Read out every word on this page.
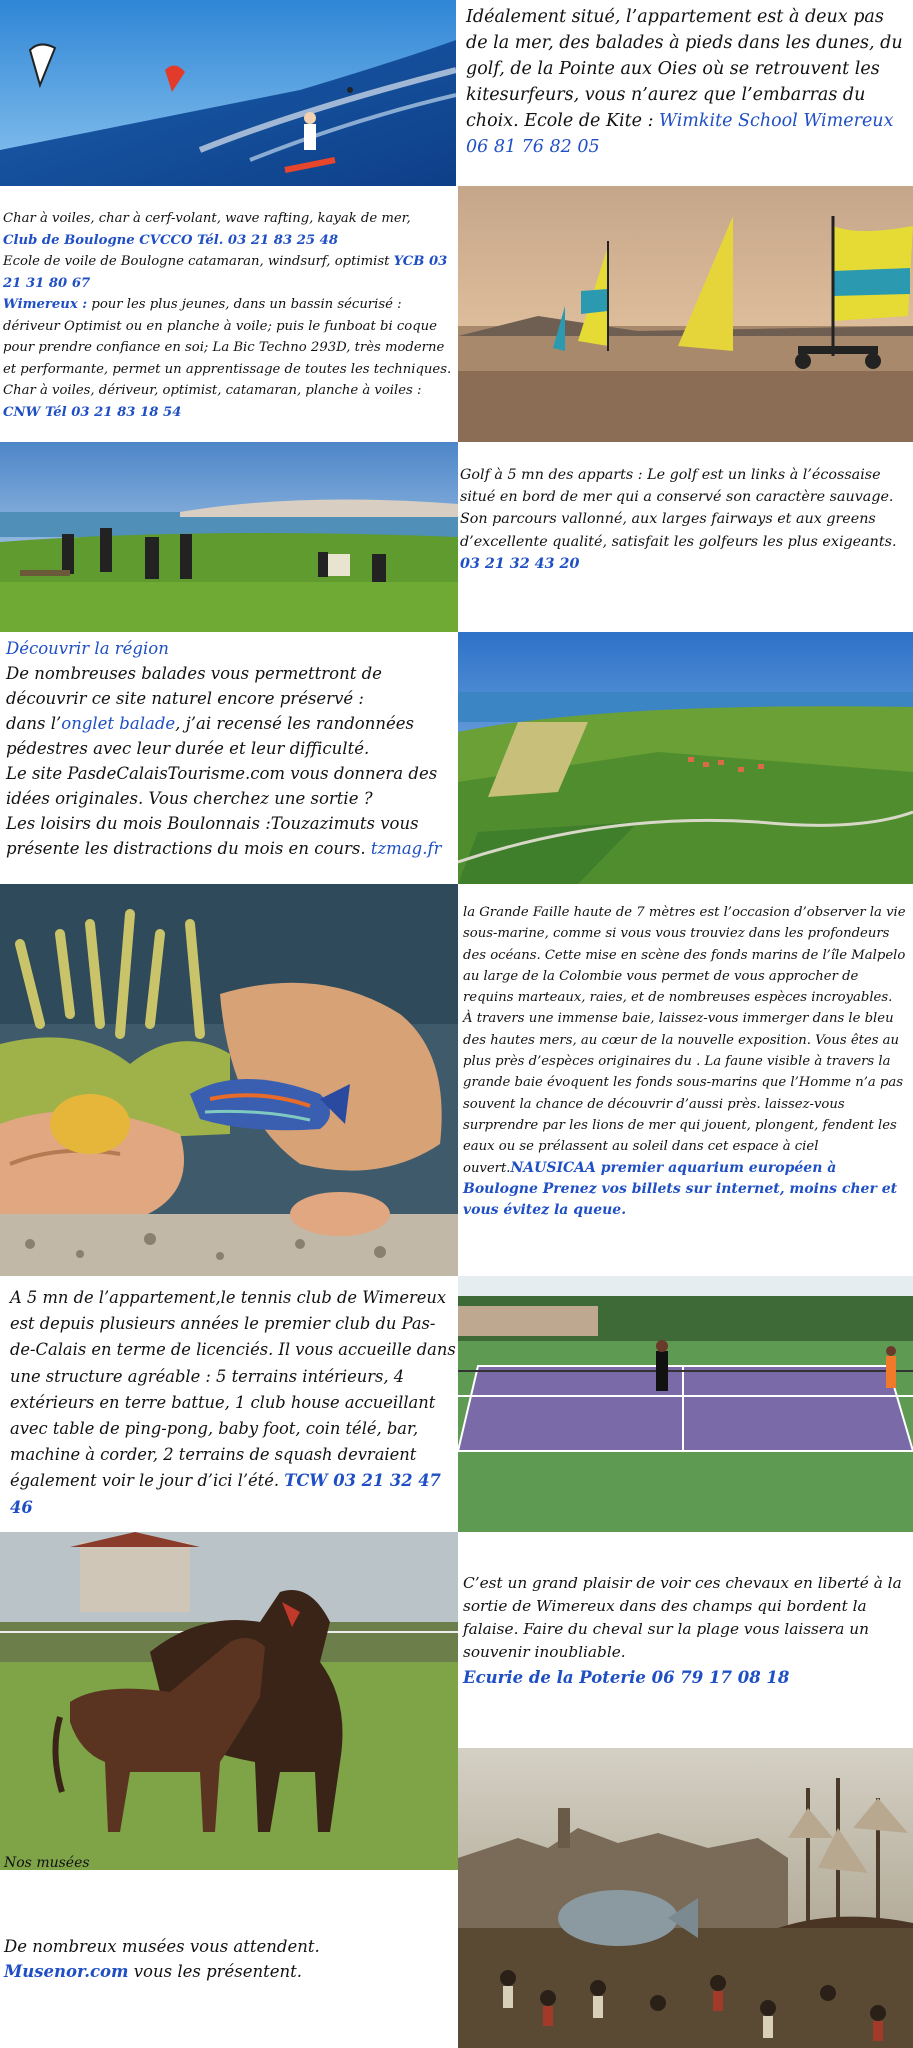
Idéalement situé, l’appartement est à deux pas de la mer, des balades à pieds dans les dunes, du golf, de la Pointe aux Oies où se retrouvent les kitesurfeurs, vous n’aurez que l’embarras du choix. Ecole de Kite : Wimkite School Wimereux 06 81 76 82 05

Char à voiles, char à cerf-volant, wave rafting, kayak de mer,

Club de Boulogne CVCCO Tél. 03 21 83 25 48

Ecole de voile de Boulogne catamaran, windsurf, optimist YCB 03 21 31 80 67

Wimereux : pour les plus jeunes, dans un bassin sécurisé : dériveur Optimist ou en planche à voile; puis le funboat bi coque pour prendre confiance en soi; La Bic Techno 293D, très moderne et performante, permet un apprentissage de toutes les techniques. Char à voiles, dériveur, optimist, catamaran, planche à voiles :

CNW Tél 03 21 83 18 54

Golf à 5 mn des apparts : Le golf est un links à l’écossaise situé en bord de mer qui a conservé son caractère sauvage. Son parcours vallonné, aux larges fairways et aux greens d’excellente qualité, satisfait les golfeurs les plus exigeants. 03 21 32 43 20

Découvrir la région

De nombreuses balades vous permettront de découvrir ce site naturel encore préservé :

dans l’onglet balade, j’ai recensé les randonnées pédestres avec leur durée et leur difficulté.

Le site PasdeCalaisTourisme.com vous donnera des idées originales. Vous cherchez une sortie ?

Les loisirs du mois Boulonnais :Touzazimuts vous présente les distractions du mois en cours. tzmag.fr

la Grande Faille haute de 7 mètres est l’occasion d’observer la vie sous-marine, comme si vous vous trouviez dans les profondeurs des océans. Cette mise en scène des fonds marins de l’île Malpelo au large de la Colombie vous permet de vous approcher de requins marteaux, raies, et de nombreuses espèces incroyables.

À travers une immense baie, laissez-vous immerger dans le bleu des hautes mers, au cœur de la nouvelle exposition. Vous êtes au plus près d’espèces originaires du . La faune visible à travers la grande baie évoquent les fonds sous-marins que l’Homme n’a pas souvent la chance de découvrir d’aussi près. laissez-vous surprendre par les lions de mer qui jouent, plongent, fendent les eaux ou se prélassent au soleil dans cet espace à ciel ouvert.NAUSICAA premier aquarium européen à Boulogne Prenez vos billets sur internet, moins cher et vous évitez la queue.

A 5 mn de l’appartement,le tennis club de Wimereux est depuis plusieurs années le premier club du Pas-de-Calais en terme de licenciés. Il vous accueille dans une structure agréable : 5 terrains intérieurs, 4 extérieurs en terre battue, 1 club house accueillant avec table de ping-pong, baby foot, coin télé, bar, machine à corder, 2 terrains de squash devraient également voir le jour d’ici l’été. TCW 03 21 32 47 46

C’est un grand plaisir de voir ces chevaux en liberté à la sortie de Wimereux dans des champs qui bordent la falaise. Faire du cheval sur la plage vous laissera un souvenir inoubliable.

Ecurie de la Poterie 06 79 17 08 18

Nos musées

De nombreux musées vous attendent.

Musenor.com vous les présentent.
